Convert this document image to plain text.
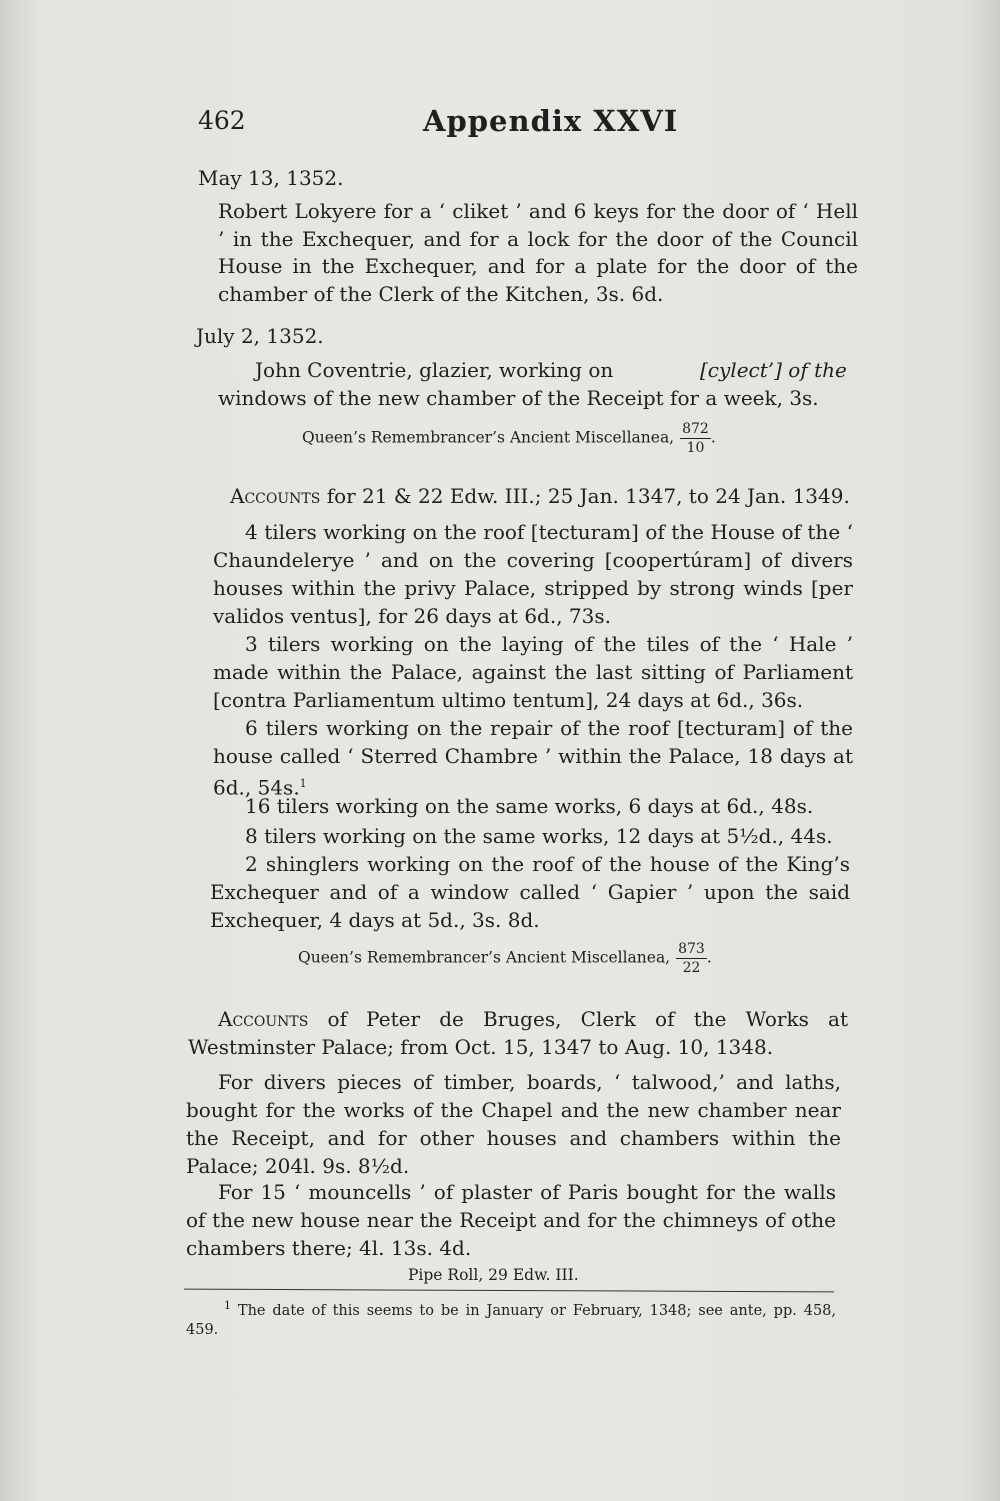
462	Appendix XXVI
May 13, 1352.

Robert Lokyere for a ‘ cliket ’ and 6 keys for the door of ‘ Hell ’ in the Exchequer, and for a lock for the door of the Council House in the Exchequer, and for a plate for the door of the chamber of the Clerk of the Kitchen, 3s. 6d.

July 2, 1352.
John Coventrie, glazier, working on	[cylect’] of the
windows of the new chamber of the Receipt for a week, 3s.
Queen’s Remembrancer’s Ancient Miscellanea, $\frac{872}{10}$ .
Accounts for 21 & 22 Edw. III.; 25 Jan. 1347, to 24 Jan. 1349.

4 tilers working on the roof [tecturam] of the House of the ‘ Chaundelerye ’ and on the covering [coopertúram] of divers houses within the privy Palace, stripped by strong winds [per validos ventus], for 26 days at 6d., 73s.

3 tilers working on the laying of the tiles of the ‘ Hale ’ made within the Palace, against the last sitting of Parliament [contra Parliamentum ultimo tentum], 24 days at 6d., 36s.

6 tilers working on the repair of the roof [tecturam] of the house called ‘ Sterred Chambre ’ within the Palace, 18 days at 6d., 54s.$^1$

16 tilers working on the same works, 6 days at 6d., 48s.
8 tilers working on the same works, 12 days at 5½d., 44s.

2 shinglers working on the roof of the house of the King’s Exchequer and of a window called ‘ Gapier ’ upon the said Exchequer, 4 days at 5d., 3s. 8d.

Queen’s Remembrancer’s Ancient Miscellanea, $\frac{873}{22}$ .

Accounts of Peter de Bruges, Clerk of the Works at Westminster Palace; from Oct. 15, 1347 to Aug. 10, 1348.

For divers pieces of timber, boards, ‘ talwood,’ and laths, bought for the works of the Chapel and the new chamber near the Receipt, and for other houses and chambers within the Palace; 204l. 9s. 8½d.

For 15 ‘ mouncells ’ of plaster of Paris bought for the walls of the new house near the Receipt and for the chimneys of othe chambers there; 4l. 13s. 4d.

Pipe Roll, 29 Edw. III.

$^1$ The date of this seems to be in January or February, 1348; see ante, pp. 458, 459.
